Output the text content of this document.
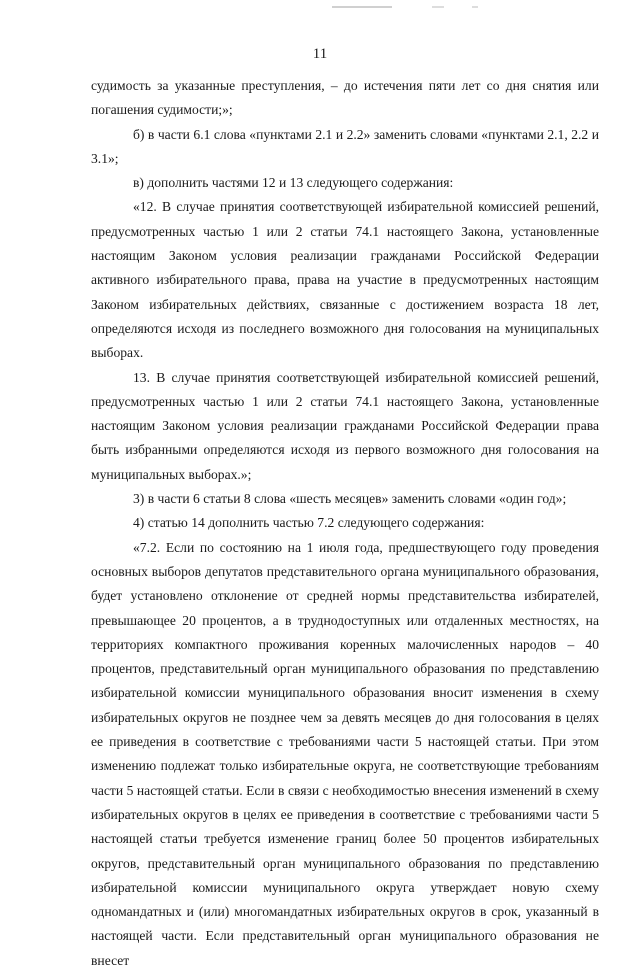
11

судимость за указанные преступления, – до истечения пяти лет со дня снятия или погашения судимости;»;

б) в части 6.1 слова «пунктами 2.1 и 2.2» заменить словами «пунктами 2.1, 2.2 и 3.1»;

в) дополнить частями 12 и 13 следующего содержания:

«12. В случае принятия соответствующей избирательной комиссией решений, предусмотренных частью 1 или 2 статьи 74.1 настоящего Закона, установленные настоящим Законом условия реализации гражданами Российской Федерации активного избирательного права, права на участие в предусмотренных настоящим Законом избирательных действиях, связанные с достижением возраста 18 лет, определяются исходя из последнего возможного дня голосования на муниципальных выборах.

13. В случае принятия соответствующей избирательной комиссией решений, предусмотренных частью 1 или 2 статьи 74.1 настоящего Закона, установленные настоящим Законом условия реализации гражданами Российской Федерации права быть избранными определяются исходя из первого возможного дня голосования на муниципальных выборах.»;

3) в части 6 статьи 8 слова «шесть месяцев» заменить словами «один год»;

4) статью 14 дополнить частью 7.2 следующего содержания:

«7.2. Если по состоянию на 1 июля года, предшествующего году проведения основных выборов депутатов представительного органа муниципального образования, будет установлено отклонение от средней нормы представительства избирателей, превышающее 20 процентов, а в труднодоступных или отдаленных местностях, на территориях компактного проживания коренных малочисленных народов – 40 процентов, представительный орган муниципального образования по представлению избирательной комиссии муниципального образования вносит изменения в схему избирательных округов не позднее чем за девять месяцев до дня голосования в целях ее приведения в соответствие с требованиями части 5 настоящей статьи. При этом изменению подлежат только избирательные округа, не соответствующие требованиям части 5 настоящей статьи. Если в связи с необходимостью внесения изменений в схему избирательных округов в целях ее приведения в соответствие с требованиями части 5 настоящей статьи требуется изменение границ более 50 процентов избирательных округов, представительный орган муниципального образования по представлению избирательной комиссии муниципального округа утверждает новую схему одномандатных и (или) многомандатных избирательных округов в срок, указанный в настоящей части. Если представительный орган муниципального образования не внесет
